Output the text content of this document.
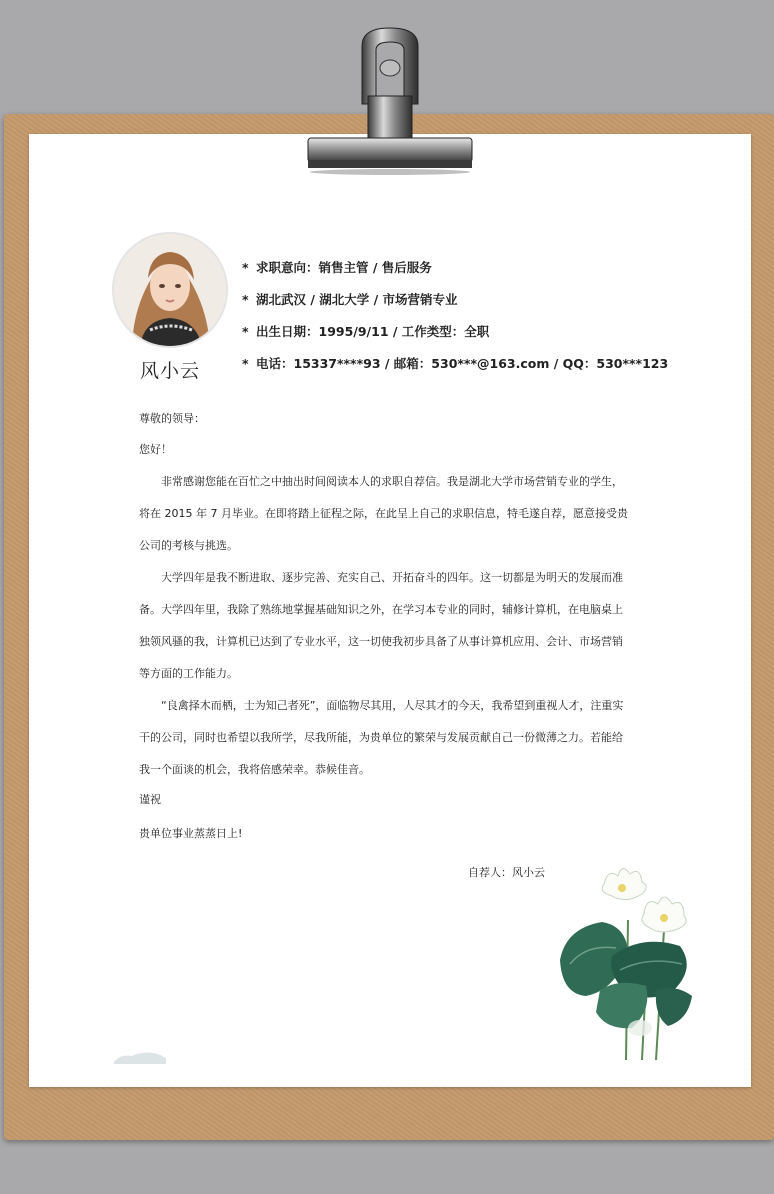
风小云
* 求职意向：销售主管 / 售后服务
* 湖北武汉 / 湖北大学 / 市场营销专业
* 出生日期：1995/9/11 / 工作类型：全职
* 电话：15337****93 / 邮箱：530***@163.com / QQ：530***123

尊敬的领导：

您好！

非常感谢您能在百忙之中抽出时间阅读本人的求职自荐信。我是湖北大学市场营销专业的学生，将在 2015 年 7 月毕业。在即将踏上征程之际，在此呈上自己的求职信息，特毛遂自荐，愿意接受贵公司的考核与挑选。

大学四年是我不断进取、逐步完善、充实自己、开拓奋斗的四年。这一切都是为明天的发展而准备。大学四年里，我除了熟练地掌握基础知识之外，在学习本专业的同时，辅修计算机，在电脑桌上独领风骚的我，计算机已达到了专业水平，这一切使我初步具备了从事计算机应用、会计、市场营销等方面的工作能力。

“良禽择木而栖，士为知己者死”，面临物尽其用，人尽其才的今天，我希望到重视人才，注重实干的公司，同时也希望以我所学，尽我所能，为贵单位的繁荣与发展贡献自己一份微薄之力。若能给我一个面谈的机会，我将倍感荣幸。恭候佳音。

谨祝

贵单位事业蒸蒸日上!

自荐人：风小云
